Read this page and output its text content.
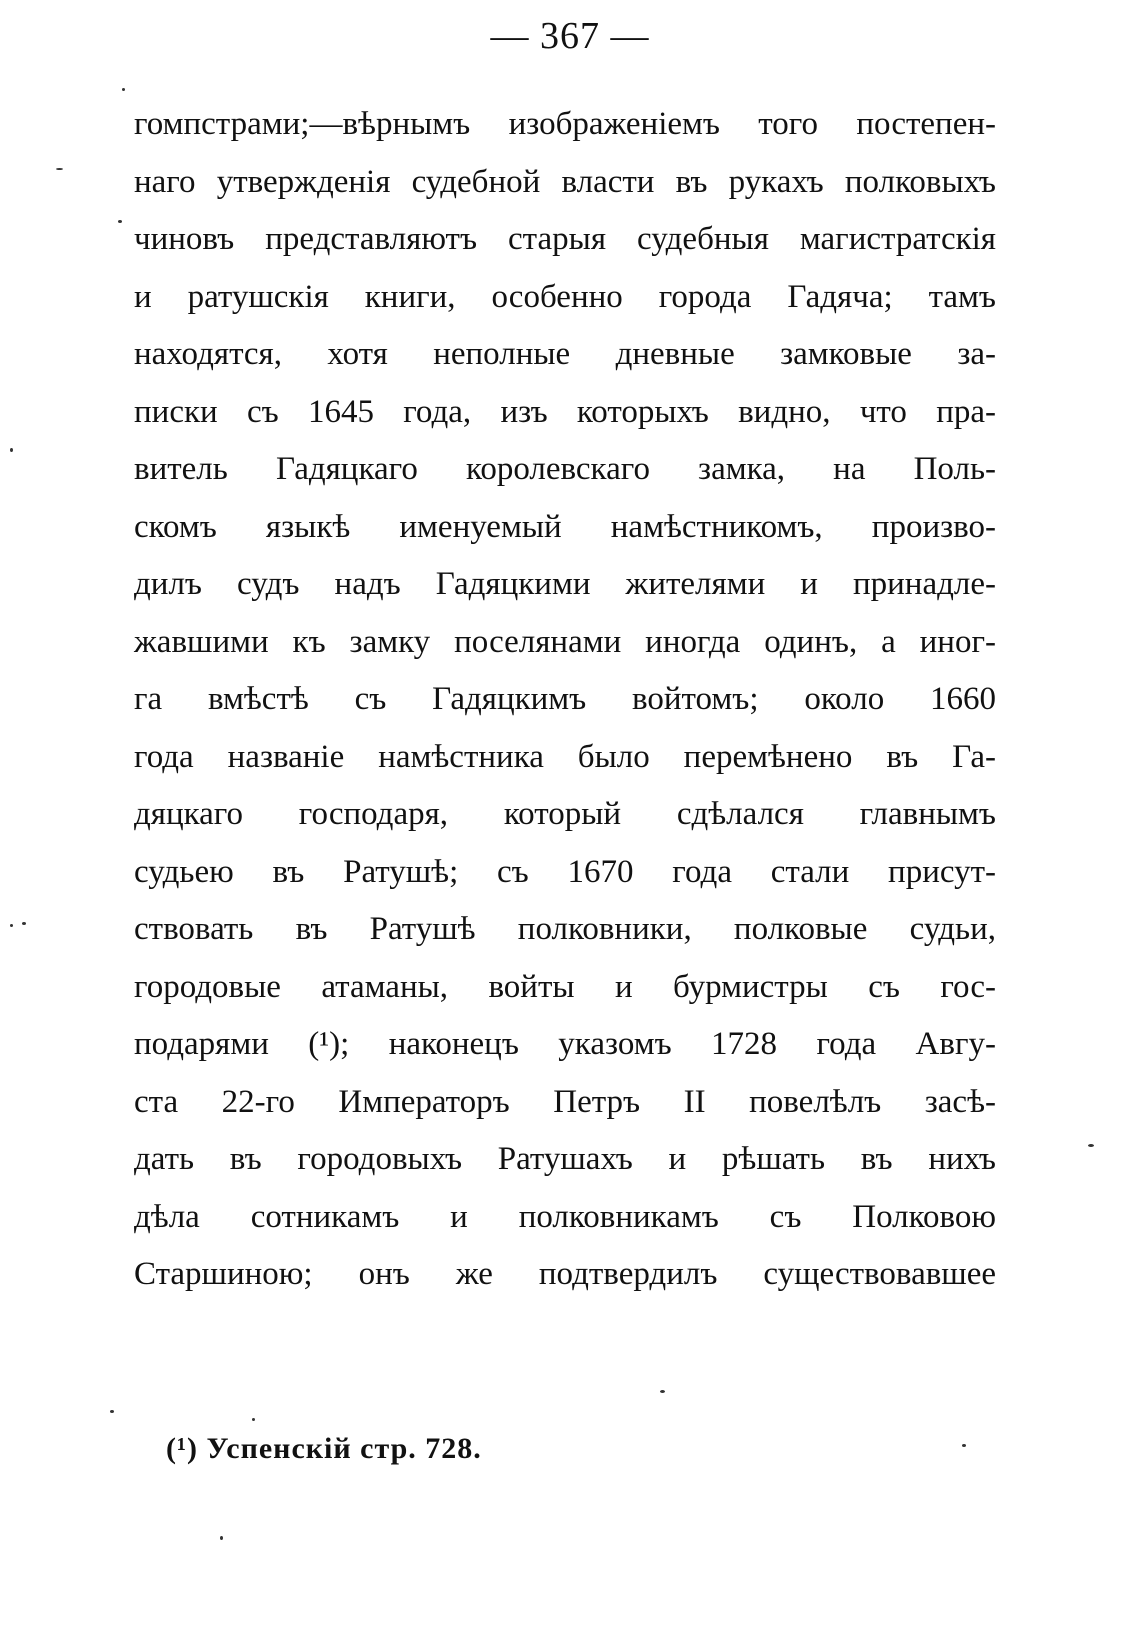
— 367 —
гомпстрами;—вѣрнымъ изображеніемъ того постепен-
наго утвержденія судебной власти въ рукахъ полковыхъ
чиновъ представляютъ старыя судебныя магистратскія
и ратушскія книги, особенно города Гадяча; тамъ
находятся, хотя неполные дневные замковые за-
писки съ 1645 года, изъ которыхъ видно, что пра-
витель Гадяцкаго королевскаго замка, на Поль-
скомъ языкѣ именуемый намѣстникомъ, произво-
дилъ судъ надъ Гадяцкими жителями и принадле-
жавшими къ замку поселянами иногда одинъ, а иног-
га вмѣстѣ съ Гадяцкимъ войтомъ; около 1660
года названіе намѣстника было перемѣнено въ Га-
дяцкаго господаря, который сдѣлался главнымъ
судьею въ Ратушѣ; съ 1670 года стали присут-
ствовать въ Ратушѣ полковники, полковые судьи,
городовые атаманы, войты и бурмистры съ гос-
подарями (¹); наконецъ указомъ 1728 года Авгу-
ста 22-го Императоръ Петръ II повелѣлъ засѣ-
дать въ городовыхъ Ратушахъ и рѣшать въ нихъ
дѣла сотникамъ и полковникамъ съ Полковою
Старшиною; онъ же подтвердилъ существовавшее
(¹) Успенскій стр. 728.
